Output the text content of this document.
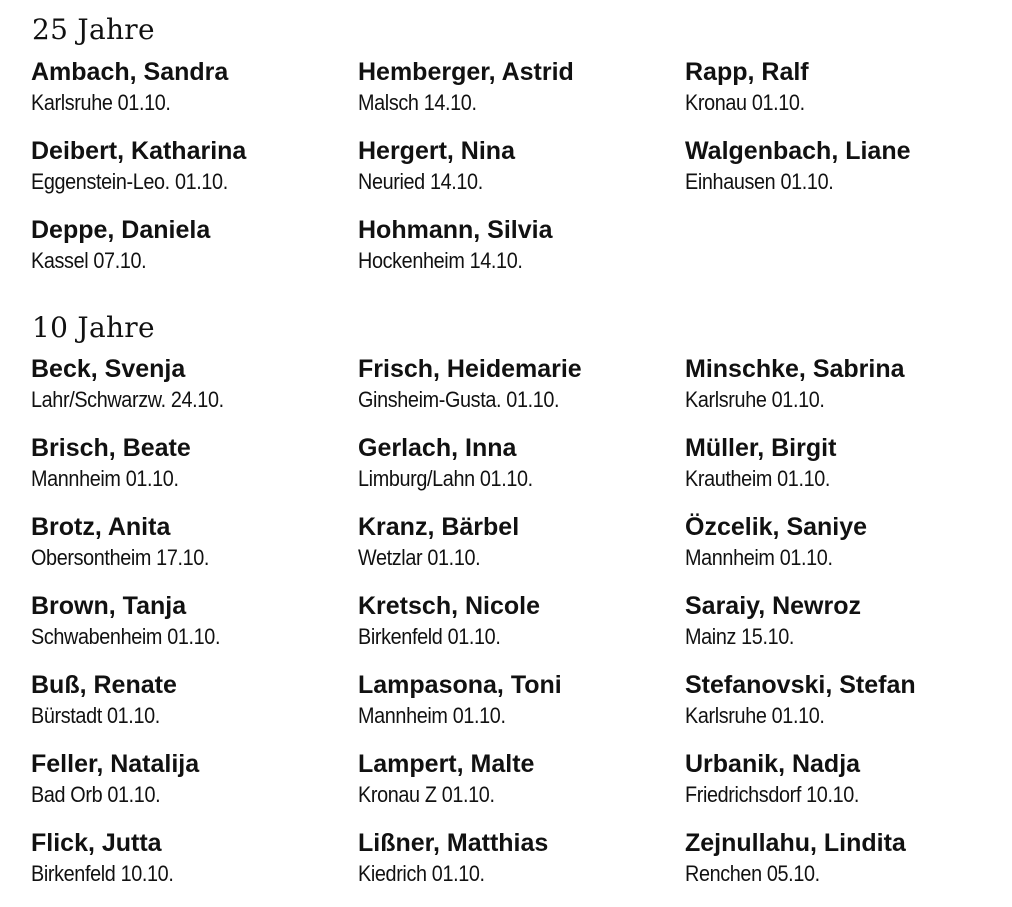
25 Jahre
Ambach, Sandra
Karlsruhe 01.10.
Deibert, Katharina
Eggenstein-Leo. 01.10.
Deppe, Daniela
Kassel 07.10.
Hemberger, Astrid
Malsch 14.10.
Hergert, Nina
Neuried 14.10.
Hohmann, Silvia
Hockenheim 14.10.
Rapp, Ralf
Kronau 01.10.
Walgenbach, Liane
Einhausen 01.10.
10 Jahre
Beck, Svenja
Lahr/Schwarzw. 24.10.
Brisch, Beate
Mannheim 01.10.
Brotz, Anita
Obersontheim 17.10.
Brown, Tanja
Schwabenheim 01.10.
Buß, Renate
Bürstadt 01.10.
Feller, Natalija
Bad Orb 01.10.
Flick, Jutta
Birkenfeld 10.10.
Frisch, Heidemarie
Ginsheim-Gusta. 01.10.
Gerlach, Inna
Limburg/Lahn 01.10.
Kranz, Bärbel
Wetzlar 01.10.
Kretsch, Nicole
Birkenfeld 01.10.
Lampasona, Toni
Mannheim 01.10.
Lampert, Malte
Kronau Z 01.10.
Lißner, Matthias
Kiedrich 01.10.
Minschke, Sabrina
Karlsruhe 01.10.
Müller, Birgit
Krautheim 01.10.
Özcelik, Saniye
Mannheim 01.10.
Saraiy, Newroz
Mainz 15.10.
Stefanovski, Stefan
Karlsruhe 01.10.
Urbanik, Nadja
Friedrichsdorf 10.10.
Zejnullahu, Lindita
Renchen 05.10.
